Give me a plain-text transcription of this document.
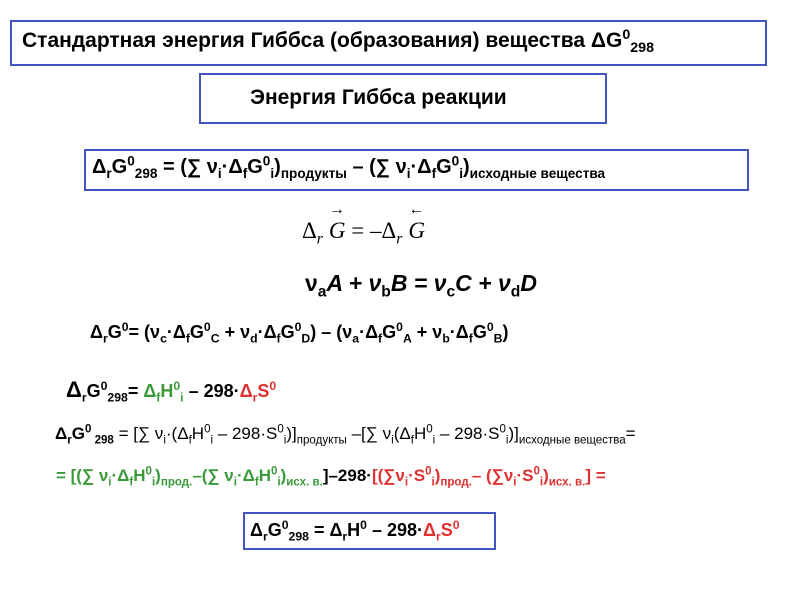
Стандартная энергия Гиббса (образования) вещества $\Delta G^0_{298}$
Энергия Гиббса реакции
$\Delta_rG^0_{298}$ = (∑ $\nu_i\cdot\Delta_fG^0_i)_{продукты}$ – (∑ $\nu_i\cdot\Delta_fG^0_i)_{исходные вещества}$
$\Delta_r$
→
$G = -\Delta_r$
←
G
$\nu_aA + \nu_bB = \nu_cC + \nu_dD$
$\Delta_rG^0= (\nu_c\cdot\Delta_fG^0_C + \nu_d\cdot\Delta_fG^0_D) - (\nu_a\cdot\Delta_fG^0_A + \nu_b\cdot\Delta_fG^0_B)$
$\Delta_rG^0_{298}= \Delta_fH^0_i - 298\cdot\Delta_rS^0$
$\Delta_rG^0$ $_{298}$ = [∑ $\nu_i\cdot(\Delta_fH^0_i - 298\cdot S^0_i)]_{продукты}$ –[∑ $\nu_i(\Delta_fH^0_i - 298\cdot S^0_i)]_{исходные вещества}=$
= [(∑ $\nu_i\cdot\Delta_fH^0_i)_{прод.}-(\sum$ $\nu_i\cdot\Delta_fH^0_i)_{исх. в.}]-298\cdot[(\sum\nu_i\cdot S^0_i)_{прод.}-$ $(\sum\nu_i\cdot S^0_i)_{исх. в.}$] =
$\Delta_rG^0_{298} = \Delta_rH^0 - 298\cdot\Delta_rS^0$
